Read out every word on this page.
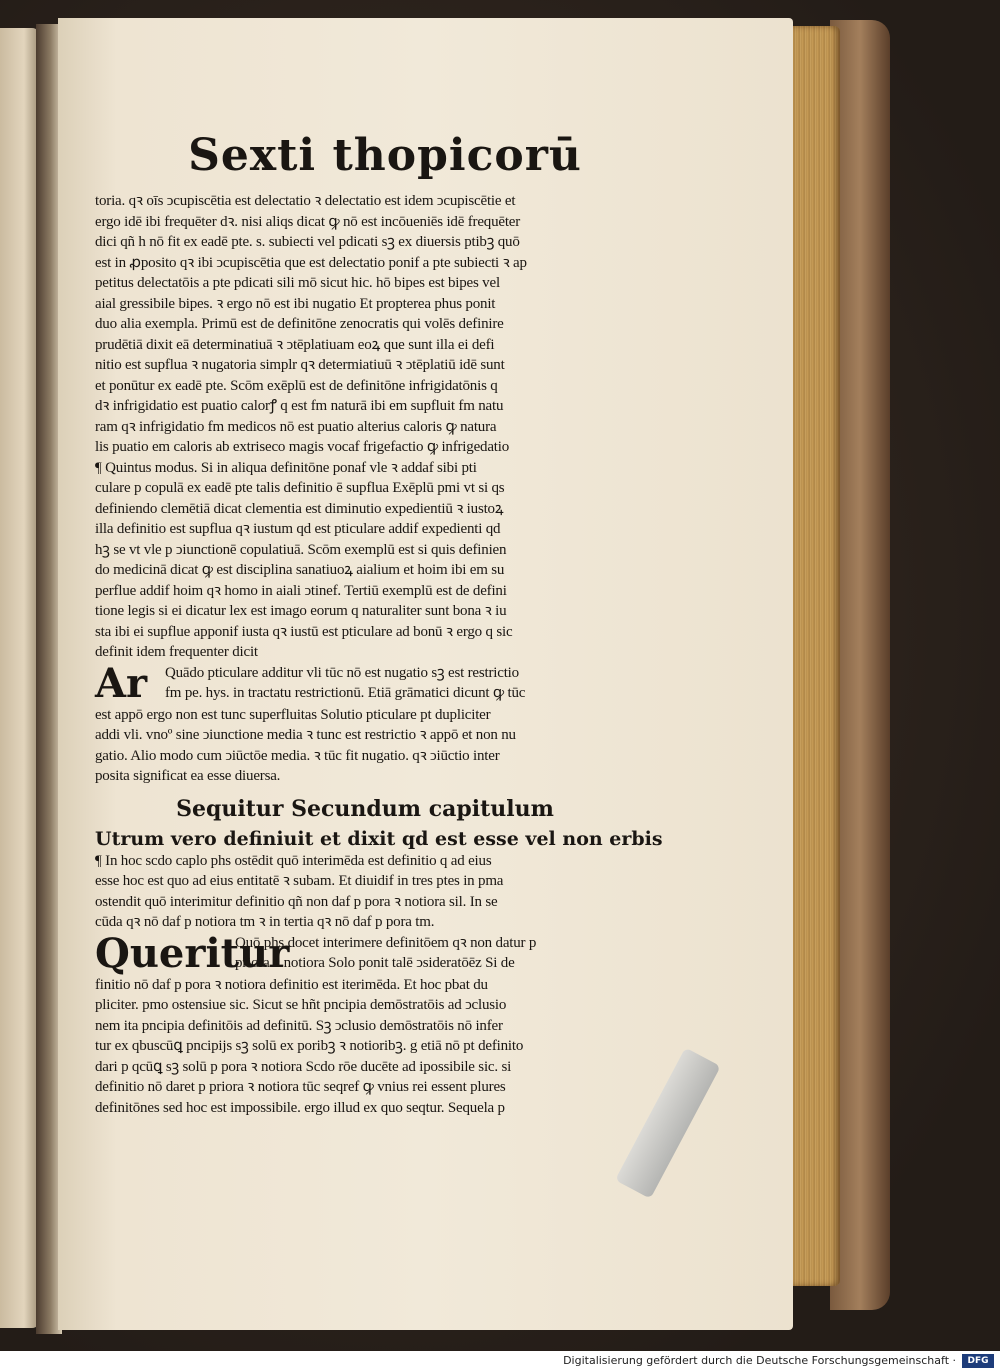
Sexti thopicorū
toria. qꝛ oīs ↄcupiscētia est delectatio ꝛ delectatio est idem ↄcupiscētie et
ergo idē ibi frequēter dꝛ. nisi aliqs dicat ꝙ nō est incōueniēs idē frequēter
dici qñ h nō fit ex eadē pte. s. subiecti vel pdicati sꝫ ex diuersis ptibꝫ quō
est in ꝓposito qꝛ ibi ↄcupiscētia que est delectatio ponif a pte subiecti ꝛ ap
petitus delectatōis a pte pdicati sili mō sicut hic. hō bipes est bipes vel
aial gressibile bipes. ꝛ ergo nō est ibi nugatio Et propterea phus ponit
duo alia exempla. Primū est de definitōne zenocratis qui volēs definire
prudētiā dixit eā determinatiuā ꝛ ↄtēplatiuam eoꝝ que sunt illa ei defi
nitio est supflua ꝛ nugatoria simplr qꝛ determiatiuū ꝛ ↄtēplatiū idē sunt
et ponūtur ex eadē pte. Scōm exēplū est de definitōne infrigidatōnis q
dꝛ infrigidatio est puatio calorꝭ q est fm naturā ibi em supfluit fm natu
ram qꝛ infrigidatio fm medicos nō est puatio alterius caloris ꝙ natura
lis puatio em caloris ab extriseco magis vocaf frigefactio ꝙ infrigedatio
¶ Quintus modus. Si in aliqua definitōne ponaf vle ꝛ addaf sibi pti
culare p copulā ex eadē pte talis definitio ē supflua Exēplū pmi vt si qs
definiendo clemētiā dicat clementia est diminutio expedientiū ꝛ iustoꝝ
illa definitio est supflua qꝛ iustum qd est pticulare addif expedienti qd
hꝫ se vt vle p ↄiunctionē copulatiuā. Scōm exemplū est si quis definien
do medicinā dicat ꝙ est disciplina sanatiuoꝝ aialium et hoim ibi em su
perflue addif hoim qꝛ homo in aiali ↄtinef. Tertiū exemplū est de defini
tione legis si ei dicatur lex est imago eorum q naturaliter sunt bona ꝛ iu
sta ibi ei supflue apponif iusta qꝛ iustū est pticulare ad bonū ꝛ ergo q sic
definit idem frequenter dicit
Ar	Quādo pticulare additur vli tūc nō est nugatio sꝫ est restrictio
fm pe. hys. in tractatu restrictionū. Etiā grāmatici dicunt ꝙ tūc
est appō ergo non est tunc superfluitas Solutio pticulare pt dupliciter
addi vli. vnoº sine ↄiunctione media ꝛ tunc est restrictio ꝛ appō et non nu
gatio. Alio modo cum ↄiūctōe media. ꝛ tūc fit nugatio. qꝛ ↄiūctio inter
posita significat ea esse diuersa.
Sequitur Secundum capitulum
Utrum vero definiuit et dixit qd est esse vel non erbis
¶ In hoc scdo caplo phs ostēdit quō interimēda est definitio q ad eius
esse hoc est quo ad eius entitatē ꝛ subam. Et diuidif in tres ptes in pma
ostendit quō interimitur definitio qñ non daf p pora ꝛ notiora sil. In se
cūda qꝛ nō daf p notiora tm ꝛ in tertia qꝛ nō daf p pora tm.
Queritur
Quō phs docet interimere definitōem qꝛ non datur p
priora ꝛ notiora Solo ponit talē ↄsideratōēz Si de
finitio nō daf p pora ꝛ notiora definitio est iterimēda. Et hoc pbat du
pliciter. pmo ostensiue sic. Sicut se hñt pncipia demōstratōis ad ↄclusio
nem ita pncipia definitōis ad definitū. Sꝫ ↄclusio demōstratōis nō infer
tur ex qbuscūꝗ pncipijs sꝫ solū ex poribꝫ ꝛ notioribꝫ. g etiā nō pt definito
dari p qcūꝗ sꝫ solū p pora ꝛ notiora Scdo rōe ducēte ad ipossibile sic. si
definitio nō daret p priora ꝛ notiora tūc seqref ꝙ vnius rei essent plures
definitōnes sed hoc est impossibile. ergo illud ex quo seqtur. Sequela p
Digitalisierung gefördert durch die Deutsche Forschungsgemeinschaft ·	DFG
